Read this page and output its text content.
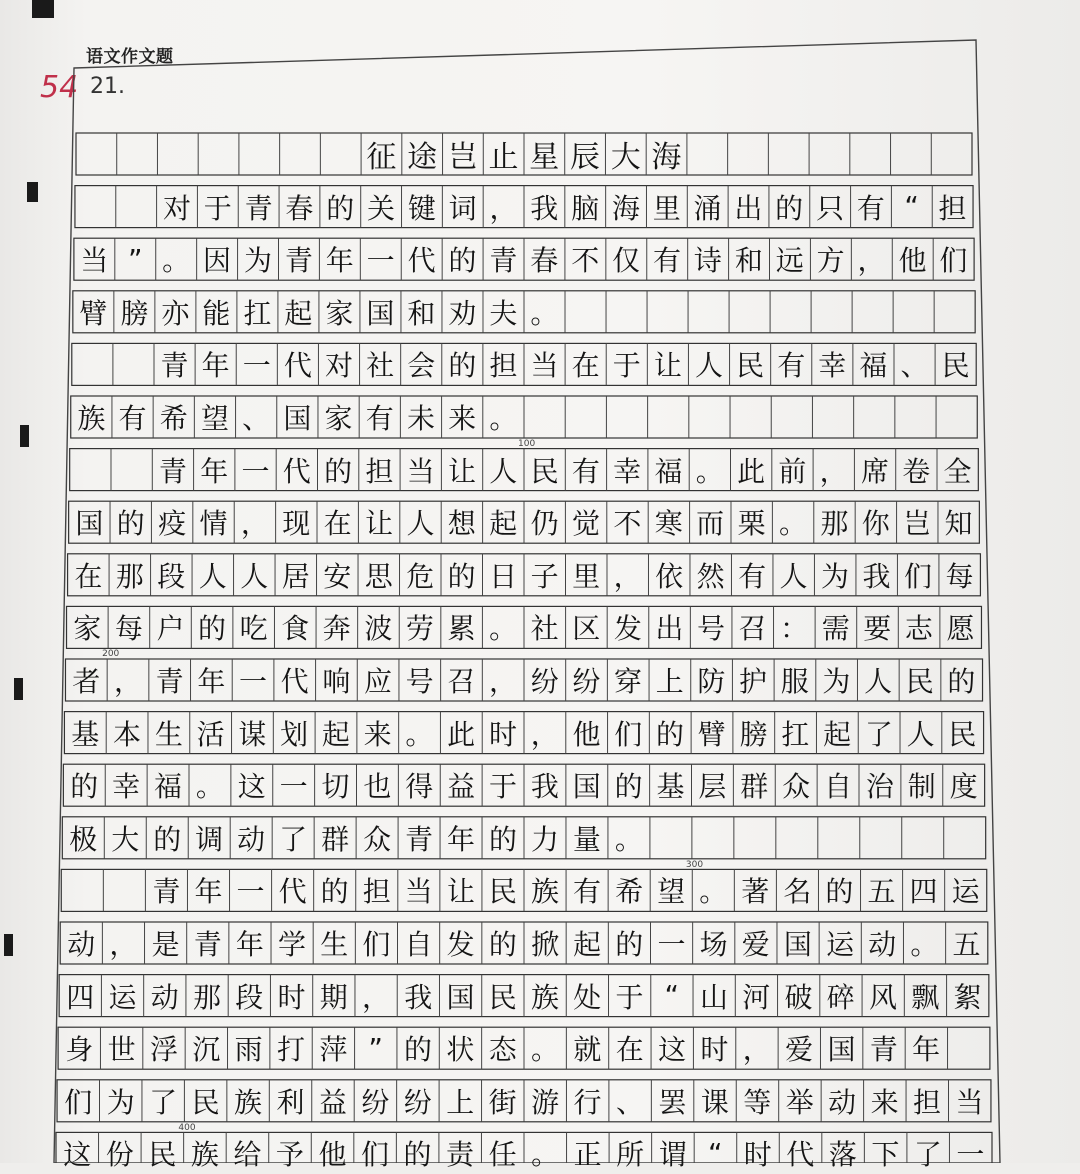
语文作文题
54 21.
征 途 岂 止 星 辰 大 海
对 于 青 春 的 关 键 词 ， 我 脑 海 里 涌 出 的 只 有 “ 担
当 ” 。 因 为 青 年 一 代 的 青 春 不 仅 有 诗 和 远 方 ， 他 们
臂 膀 亦 能 扛 起 家 国 和 劝 夫 。
青 年 一 代 对 社 会 的 担 当 在 于 让 人 民 有 幸 福 、 民
族 有 希 望 、 国 家 有 未 来 。
青 年 一 代 的 担 当 让 人 民 有 幸 福 。 此 前 ， 席 卷 全
国 的 疫 情 ， 现 在 让 人 想 起 仍 觉 不 寒 而 栗 。 那 你 岂 知
在 那 段 人 人 居 安 思 危 的 日 子 里 ， 依 然 有 人 为 我 们 每
家 每 户 的 吃 食 奔 波 劳 累 。 社 区 发 出 号 召 ： 需 要 志 愿
者 ， 青 年 一 代 响 应 号 召 ， 纷 纷 穿 上 防 护 服 为 人 民 的
基 本 生 活 谋 划 起 来 。 此 时 ， 他 们 的 臂 膀 扛 起 了 人 民
的 幸 福 。 这 一 切 也 得 益 于 我 国 的 基 层 群 众 自 治 制 度
极 大 的 调 动 了 群 众 青 年 的 力 量 。
青 年 一 代 的 担 当 让 民 族 有 希 望 。 著 名 的 五 四 运
动 ， 是 青 年 学 生 们 自 发 的 掀 起 的 一 场 爱 国 运 动 。 五
四 运 动 那 段 时 期 ， 我 国 民 族 处 于 “ 山 河 破 碎 风 飘 絮
身 世 浮 沉 雨 打 萍 ” 的 状 态 。 就 在 这 时 ， 爱 国 青 年
们 为 了 民 族 利 益 纷 纷 上 街 游 行 、 罢 课 等 举 动 来 担 当
这 份 民 族 给 予 他 们 的 责 任 。 正 所 谓 “ 时 代 落 下 了 一
100
200
300
400
